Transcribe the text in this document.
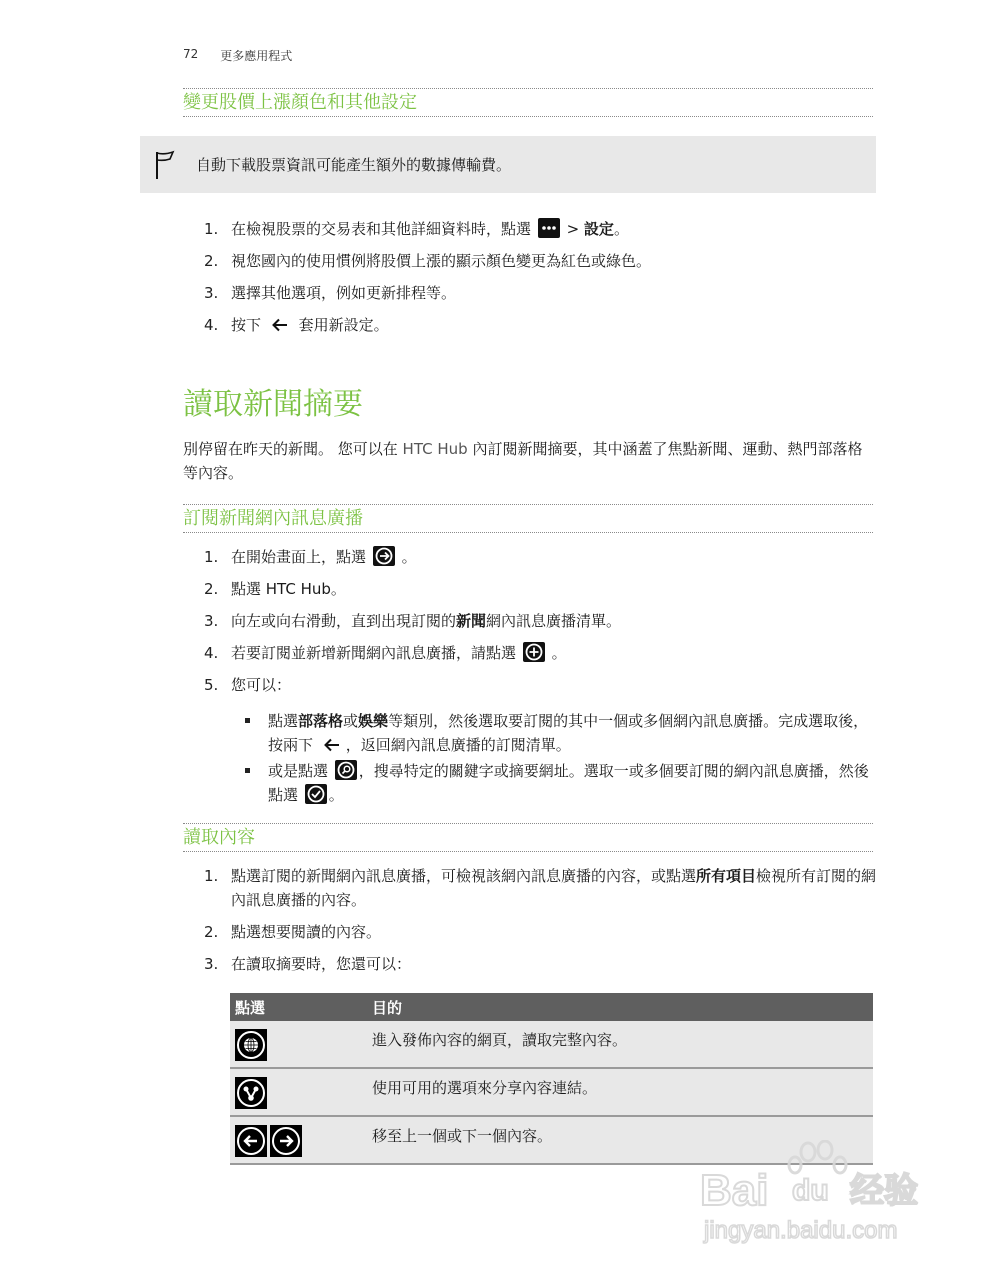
72 更多應用程式
變更股價上漲顏色和其他設定
自動下載股票資訊可能產生額外的數據傳輸費。
1. 在檢視股票的交易表和其他詳細資料時，點選
> 設定。
2. 視您國內的使用慣例將股價上漲的顯示顏色變更為紅色或綠色。
3. 選擇其他選項，例如更新排程等。
4. 按下	套用新設定。
讀取新聞摘要
別停留在昨天的新聞。 您可以在 HTC Hub 內訂閱新聞摘要，其中涵蓋了焦點新聞、運動、熱門部落格等內容。
訂閱新聞網內訊息廣播
1. 在開始畫面上，點選 。
2. 點選 HTC Hub。
3. 向左或向右滑動，直到出現訂閱的新聞網內訊息廣播清單。
4. 若要訂閱並新增新聞網內訊息廣播，請點選 。
5. 您可以：
點選部落格或娛樂等類別，然後選取要訂閱的其中一個或多個網內訊息廣播。完成選取後，按兩下 ，返回網內訊息廣播的訂閱清單。
或是點選 ，搜尋特定的關鍵字或摘要網址。選取一或多個要訂閱的網內訊息廣播，然後點選 。
讀取內容
1. 點選訂閱的新聞網內訊息廣播，可檢視該網內訊息廣播的內容，或點選所有項目檢視所有訂閱的網內訊息廣播的內容。
2. 點選想要閱讀的內容。
3. 在讀取摘要時，您還可以：
點選	目的
進入發佈內容的網頁，讀取完整內容。
使用可用的選項來分享內容連結。
移至上一個或下一個內容。
Bai du 经验
jingyan.baidu.com
